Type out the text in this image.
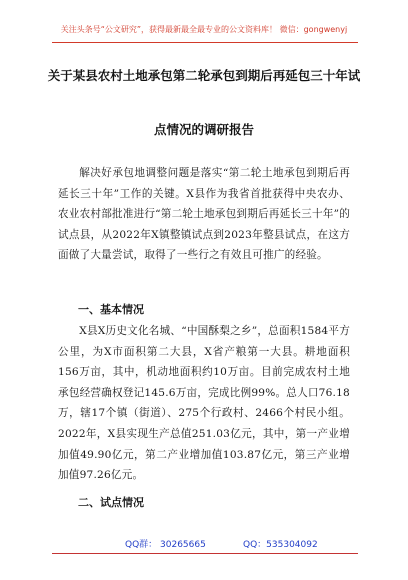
关注头条号“公文研究”，获得最新最全最专业的公文资料库！ 微信：gongwenyj
关于某县农村土地承包第二轮承包到期后再延包三十年试
点情况的调研报告

解决好承包地调整问题是落实“第二轮土地承包到期后再延长三十年”工作的关键。X县作为我省首批获得中央农办、农业农村部批准进行“第二轮土地承包到期后再延长三十年”的试点县，从2022年X镇整镇试点到2023年整县试点，在这方面做了大量尝试，取得了一些行之有效且可推广的经验。

一、基本情况

X县X历史文化名城、“中国酥梨之乡”，总面积1584平方公里，为X市面积第二大县，X省产粮第一大县。耕地面积156万亩，其中，机动地面积约10万亩。目前完成农村土地承包经营确权登记145.6万亩，完成比例99%。总人口76.18万，辖17个镇（街道）、275个行政村、2466个村民小组。2022年，X县实现生产总值251.03亿元，其中，第一产业增加值49.90亿元，第二产业增加值103.87亿元，第三产业增加值97.26亿元。

二、试点情况
QQ群： 30265665	QQ：535304092
